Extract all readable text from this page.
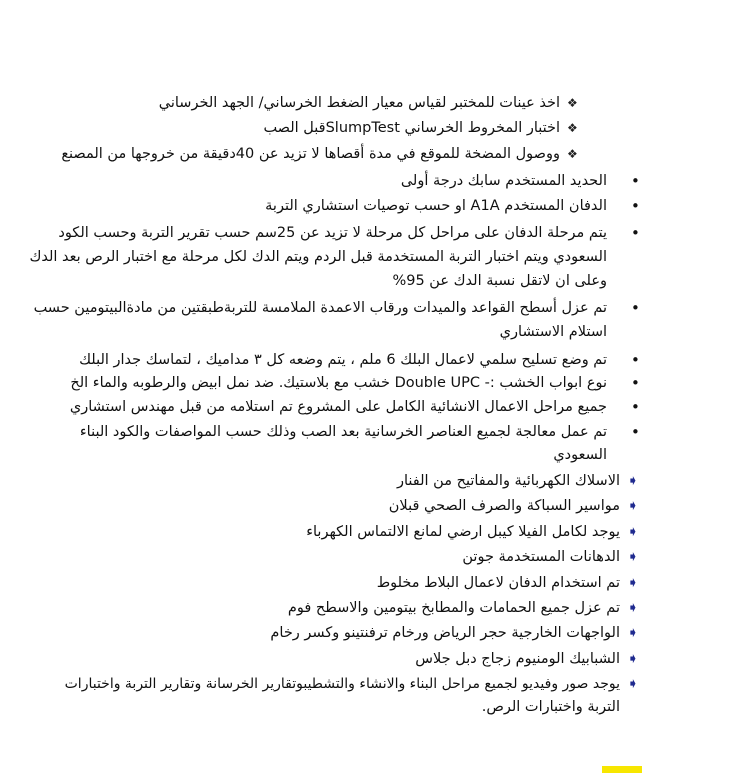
❖
اخذ عينات للمختبر لقياس معيار الضغط الخرساني/ الجهد الخرساني
❖
اختبار المخروط الخرساني SlumpTestقبل الصب
❖
ووصول المضخة للموقع في مدة أقصاها لا تزيد عن 40دقيقة من خروجها من المصنع
•
الحديد المستخدم سابك درجة أولى
•
الدفان المستخدم A1A او حسب توصيات استشاري التربة
•
يتم مرحلة الدفان على مراحل كل مرحلة لا تزيد عن 25سم حسب تقرير التربة وحسب الكود
السعودي ويتم اختبار التربة المستخدمة قبل الردم ويتم الدك لكل مرحلة مع اختبار الرص بعد الدك
وعلى ان لاتقل نسبة الدك عن 95%
•
تم عزل أسطح القواعد والميدات ورقاب الاعمدة الملامسة للتربةطبقتين من مادةالبيتومين حسب
استلام الاستشاري
•
تم وضع تسليح سلمي لاعمال البلك 6 ملم ، يتم وضعه كل ٣ مداميك ، لتماسك جدار البلك
•
نوع ابواب الخشب :- Double UPC خشب مع بلاستيك. ضد نمل ابيض والرطوبه والماء الخ
•
جميع مراحل الاعمال الانشائية الكامل على المشروع تم استلامه من قبل مهندس استشاري
•
تم عمل معالجة لجميع العناصر الخرسانية بعد الصب وذلك حسب المواصفات والكود البناء
السعودي
➧
الاسلاك الكهربائية والمفاتيح من الفنار
➧
مواسير السباكة والصرف الصحي قبلان
➧
يوجد لكامل الفيلا كيبل ارضي لمانع الالتماس الكهرباء
➧
الدهانات المستخدمة جوتن
➧
تم استخدام الدفان لاعمال البلاط مخلوط
➧
تم عزل جميع الحمامات والمطابخ بيتومين والاسطح فوم
➧
الواجهات الخارجية حجر الرياض ورخام ترفنتينو وكسر رخام
➧
الشبابيك الومنيوم زجاج دبل جلاس
➧
يوجد صور وفيديو لجميع مراحل البناء والانشاء والتشطيبوتقارير الخرسانة وتقارير التربة واختبارات
التربة واختبارات الرص.
